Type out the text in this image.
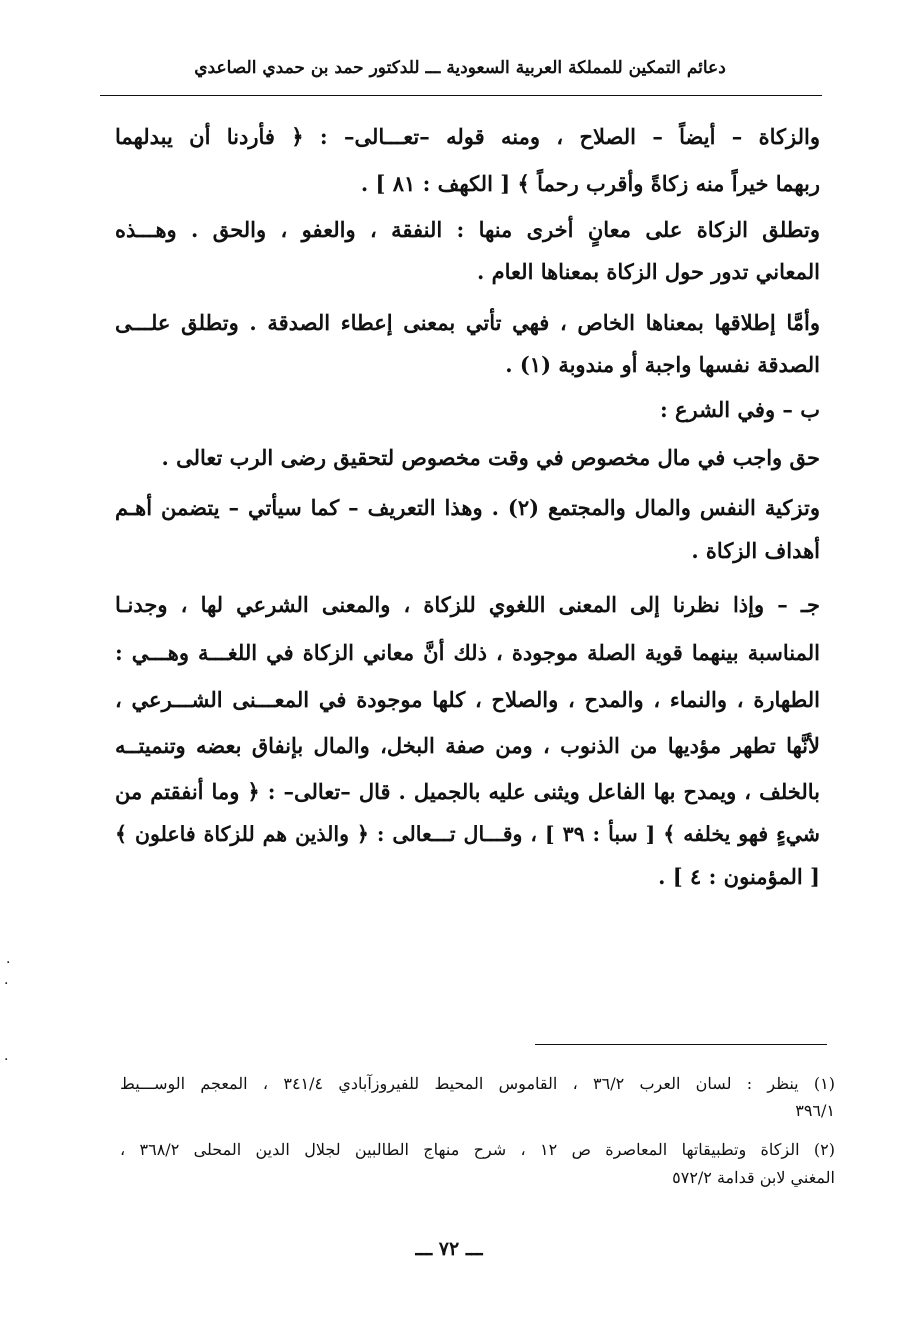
دعائم التمكين للمملكة العربية السعودية ـــ للدكتور حمد بن حمدي الصاعدي
والزكاة – أيضاً – الصلاح ، ومنه قوله –تعـــالى– : ﴿ فأردنا أن يبدلهما
ربهما خيراً منه زكاةً وأقرب رحماً ﴾ [ الكهف : ٨١ ] .
وتطلق الزكاة على معانٍ أخرى منها : النفقة ، والعفو ، والحق . وهـــذه
المعاني تدور حول الزكاة بمعناها العام .
وأمَّا إطلاقها بمعناها الخاص ، فهي تأتي بمعنى إعطاء الصدقة . وتطلق علـــى
الصدقة نفسها واجبة أو مندوبة (١) .
ب – وفي الشرع :
حق واجب في مال مخصوص في وقت مخصوص لتحقيق رضى الرب تعالى .
وتزكية النفس والمال والمجتمع (٢) . وهذا التعريف – كما سيأتي – يتضمن أهـم
أهداف الزكاة .
جـ – وإذا نظرنا إلى المعنى اللغوي للزكاة ، والمعنى الشرعي لها ، وجدنـا
المناسبة بينهما قوية الصلة موجودة ، ذلك أنَّ معاني الزكاة في اللغـــة وهـــي :
الطهارة ، والنماء ، والمدح ، والصلاح ، كلها موجودة في المعـــنى الشـــرعي ،
لأنَّها تطهر مؤديها من الذنوب ، ومن صفة البخل، والمال بإنفاق بعضه وتنميتــه
بالخلف ، ويمدح بها الفاعل ويثنى عليه بالجميل . قال –تعالى– : ﴿ وما أنفقتم من
شيءٍ فهو يخلفه ﴾ [ سبأ : ٣٩ ] ، وقـــال تـــعالى : ﴿ والذين هم للزكاة فاعلون ﴾
[ المؤمنون : ٤ ] .
·
·
·
(١) ينظر : لسان العرب ٣٦/٢ ، القاموس المحيط للفيروزآبادي ٣٤١/٤ ، المعجم الوســـيط
٣٩٦/١
(٢) الزكاة وتطبيقاتها المعاصرة ص ١٢ ، شرح منهاج الطالبين لجلال الدين المحلى ٣٦٨/٢ ،
المغني لابن قدامة ٥٧٢/٢
ـــ ٧٢ ـــ
